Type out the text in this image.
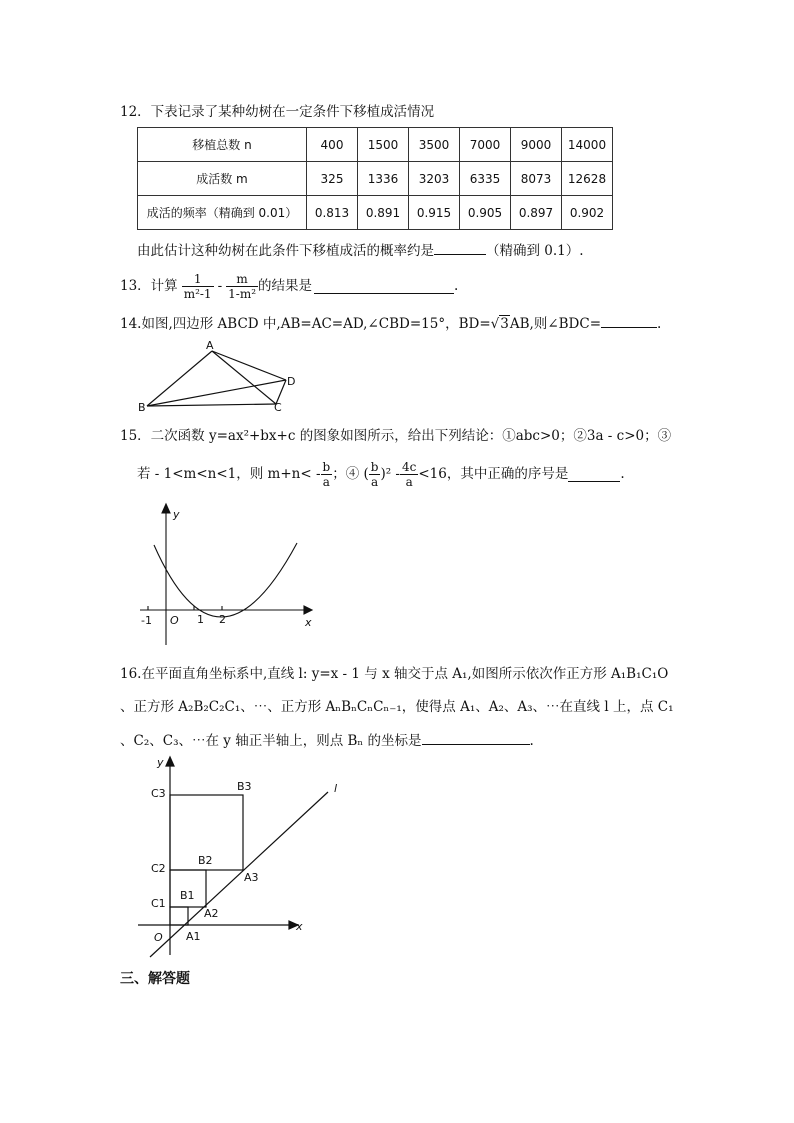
12．下表记录了某种幼树在一定条件下移植成活情况
移植总数 n	400	1500	3500	7000	9000	14000
成活数 m	325	1336	3203	6335	8073	12628
成活的频率（精确到 0.01）	0.813	0.891	0.915	0.905	0.897	0.902
由此估计这种幼树在此条件下移植成活的概率约是	（精确到 0.1）.
13．计算 $\frac{1}{\text{m²-1}} - \frac{m}{\text{1-m²}}$ 的结果是	.
14.如图,四边形 ABCD 中,AB=AC=AD,∠CBD=15°，BD=√3AB,则∠BDC=	.
A
B	C
D
15．二次函数 y=ax²+bx+c 的图象如图所示，给出下列结论：①abc>0；②3a - c>0；③
若 - 1<m<n<1，则 $m+n< - \frac{b}{a}$ ；④ ( $\frac{b}{a} )^2 - \frac{4c}{a} <16$，其中正确的序号是	.
y
x
O
-1	1 2
16.在平面直角坐标系中,直线 l: y=x - 1 与 x 轴交于点 A₁,如图所示依次作正方形 A₁B₁C₁O
、正方形 A₂B₂C₂C₁、⋯、正方形 AₙBₙCₙCₙ₋₁，使得点 A₁、A₂、A₃、⋯在直线 l 上，点 C₁
、C₂、C₃、⋯在 y 轴正半轴上，则点 Bₙ 的坐标是	.
y
x
l
O
C3
C2
C1
B3
B2
B1
A3
A2
A1
三、解答题
